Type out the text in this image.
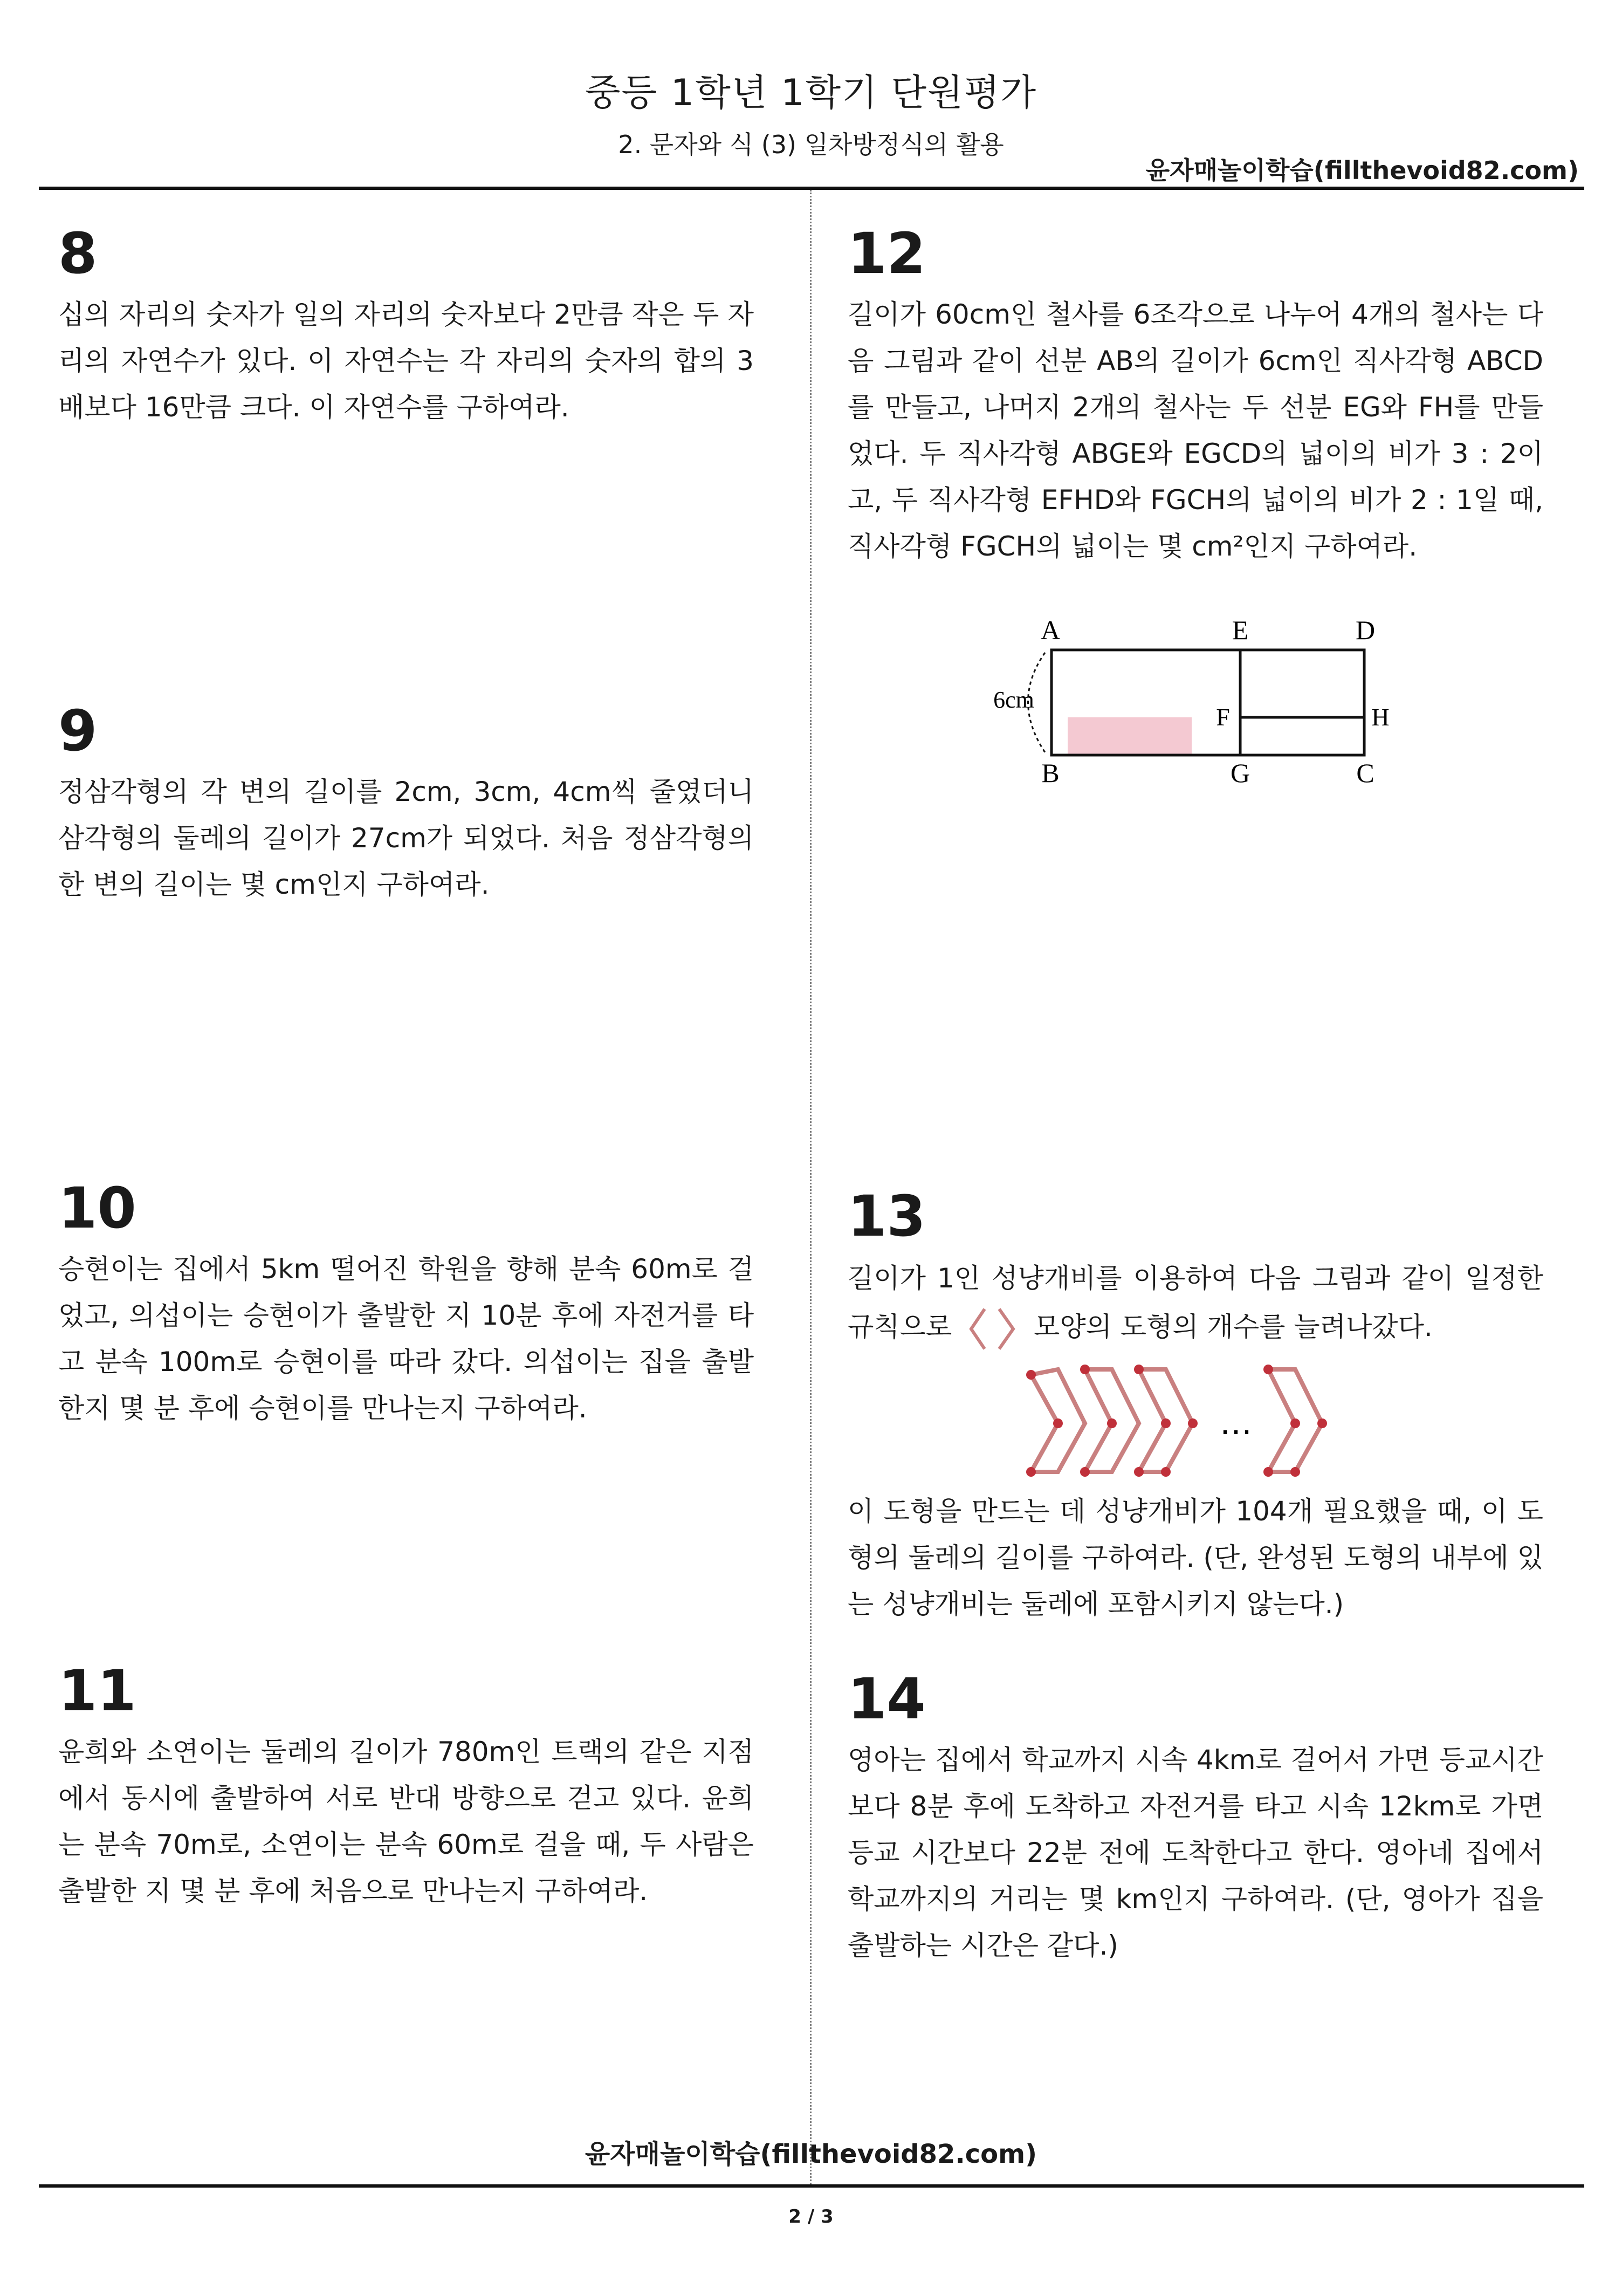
중등 1학년 1학기 단원평가
2. 문자와 식 (3) 일차방정식의 활용
윤자매놀이학습(fillthevoid82.com)
8
십의 자리의 숫자가 일의 자리의 숫자보다 2만큼 작은 두 자리의 자연수가 있다. 이 자연수는 각 자리의 숫자의 합의 3배보다 16만큼 크다. 이 자연수를 구하여라.
9
정삼각형의 각 변의 길이를 2cm, 3cm, 4cm씩 줄였더니 삼각형의 둘레의 길이가 27cm가 되었다. 처음 정삼각형의 한 변의 길이는 몇 cm인지 구하여라.
10
승현이는 집에서 5km 떨어진 학원을 향해 분속 60m로 걸었고, 의섭이는 승현이가 출발한 지 10분 후에 자전거를 타고 분속 100m로 승현이를 따라 갔다. 의섭이는 집을 출발한지 몇 분 후에 승현이를 만나는지 구하여라.
11
윤희와 소연이는 둘레의 길이가 780m인 트랙의 같은 지점에서 동시에 출발하여 서로 반대 방향으로 걷고 있다. 윤희는 분속 70m로, 소연이는 분속 60m로 걸을 때, 두 사람은 출발한 지 몇 분 후에 처음으로 만나는지 구하여라.
12
길이가 60cm인 철사를 6조각으로 나누어 4개의 철사는 다음 그림과 같이 선분 AB의 길이가 6cm인 직사각형 ABCD를 만들고, 나머지 2개의 철사는 두 선분 EG와 FH를 만들었다. 두 직사각형 ABGE와 EGCD의 넓이의 비가 3 : 2이고, 두 직사각형 EFHD와 FGCH의 넓이의 비가 2 : 1일 때, 직사각형 FGCH의 넓이는 몇 cm²인지 구하여라.
A	E	D
B	G	C
F	H
6cm
13
길이가 1인 성냥개비를 이용하여 다음 그림과 같이 일정한 규칙으로	모양의 도형의 개수를 늘려나갔다.
…
이 도형을 만드는 데 성냥개비가 104개 필요했을 때, 이 도형의 둘레의 길이를 구하여라. (단, 완성된 도형의 내부에 있는 성냥개비는 둘레에 포함시키지 않는다.)
14
영아는 집에서 학교까지 시속 4km로 걸어서 가면 등교시간보다 8분 후에 도착하고 자전거를 타고 시속 12km로 가면 등교 시간보다 22분 전에 도착한다고 한다. 영아네 집에서 학교까지의 거리는 몇 km인지 구하여라. (단, 영아가 집을 출발하는 시간은 같다.)
윤자매놀이학습(fillthevoid82.com)
2 / 3
